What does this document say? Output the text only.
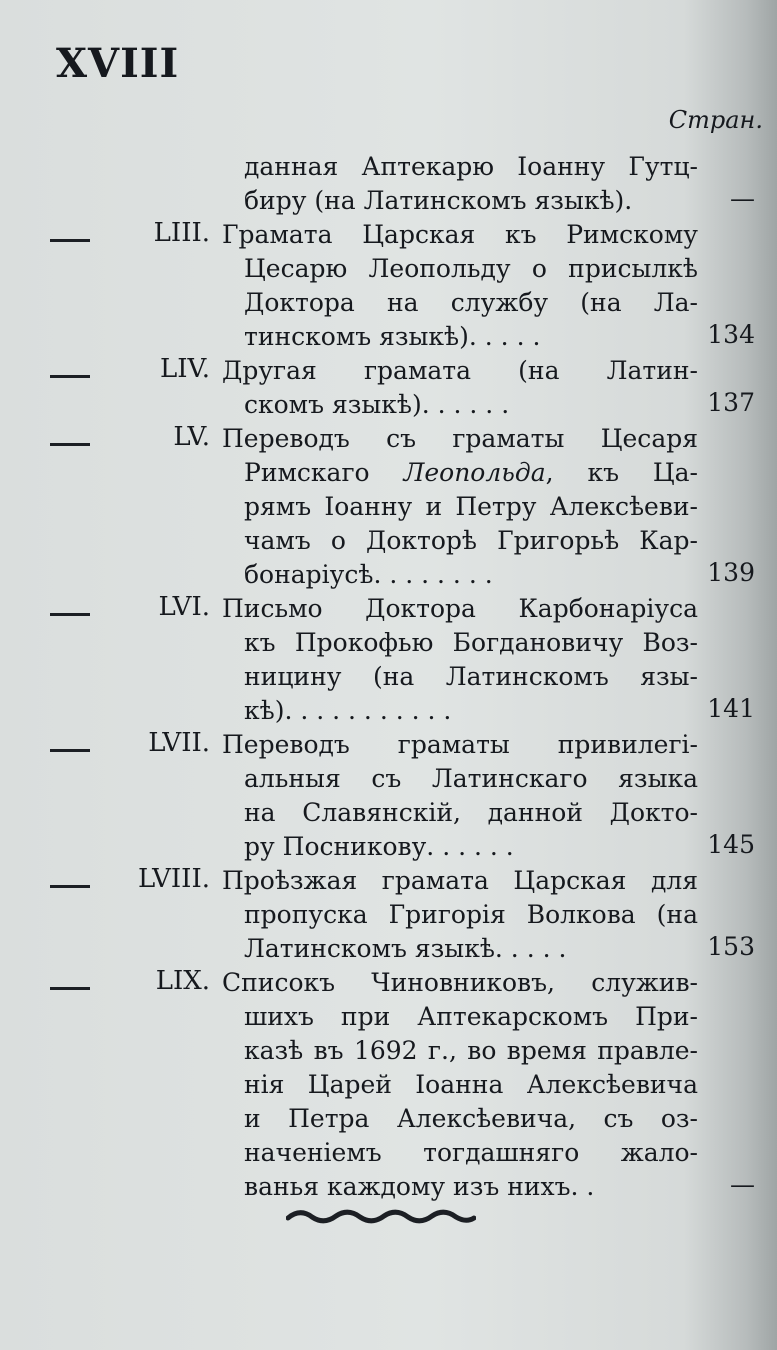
XVIII
Стран.
данная Аптекарю Іоанну Гутц-
биру (на Латинскомъ языкѣ).	—
LIII. Грамата Царская къ Римскому
Цесарю Леопольду о присылкѣ
Доктора на службу (на Ла-
тинскомъ языкѣ). . . . .	134
LIV. Другая грамата (на Латин-
скомъ языкѣ). . . . . .	137
LV. Переводъ съ граматы Цесаря
Римскаго Леопольда, къ Ца-
рямъ Іоанну и Петру Алексѣеви-
чамъ о Докторѣ Григорьѣ Кар-
бонаріусѣ. . . . . . . .	139
LVI. Письмо Доктора Карбонаріуса
къ Прокофью Богдановичу Воз-
ницину (на Латинскомъ язы-
кѣ). . . . . . . . . . .	141
LVII. Переводъ граматы привилегі-
альныя съ Латинскаго языка
на Славянскій, данной Докто-
ру Посникову. . . . . .	145
LVIII. Проѣзжая грамата Царская для
пропуска Григорія Волкова (на
Латинскомъ языкѣ. . . . .	153
LIX. Списокъ Чиновниковъ, служив-
шихъ при Аптекарскомъ При-
казѣ въ 1692 г., во время правле-
нія Царей Іоанна Алексѣевича
и Петра Алексѣевича, съ оз-
наченіемъ тогдашняго жало-
ванья каждому изъ нихъ. .	—
